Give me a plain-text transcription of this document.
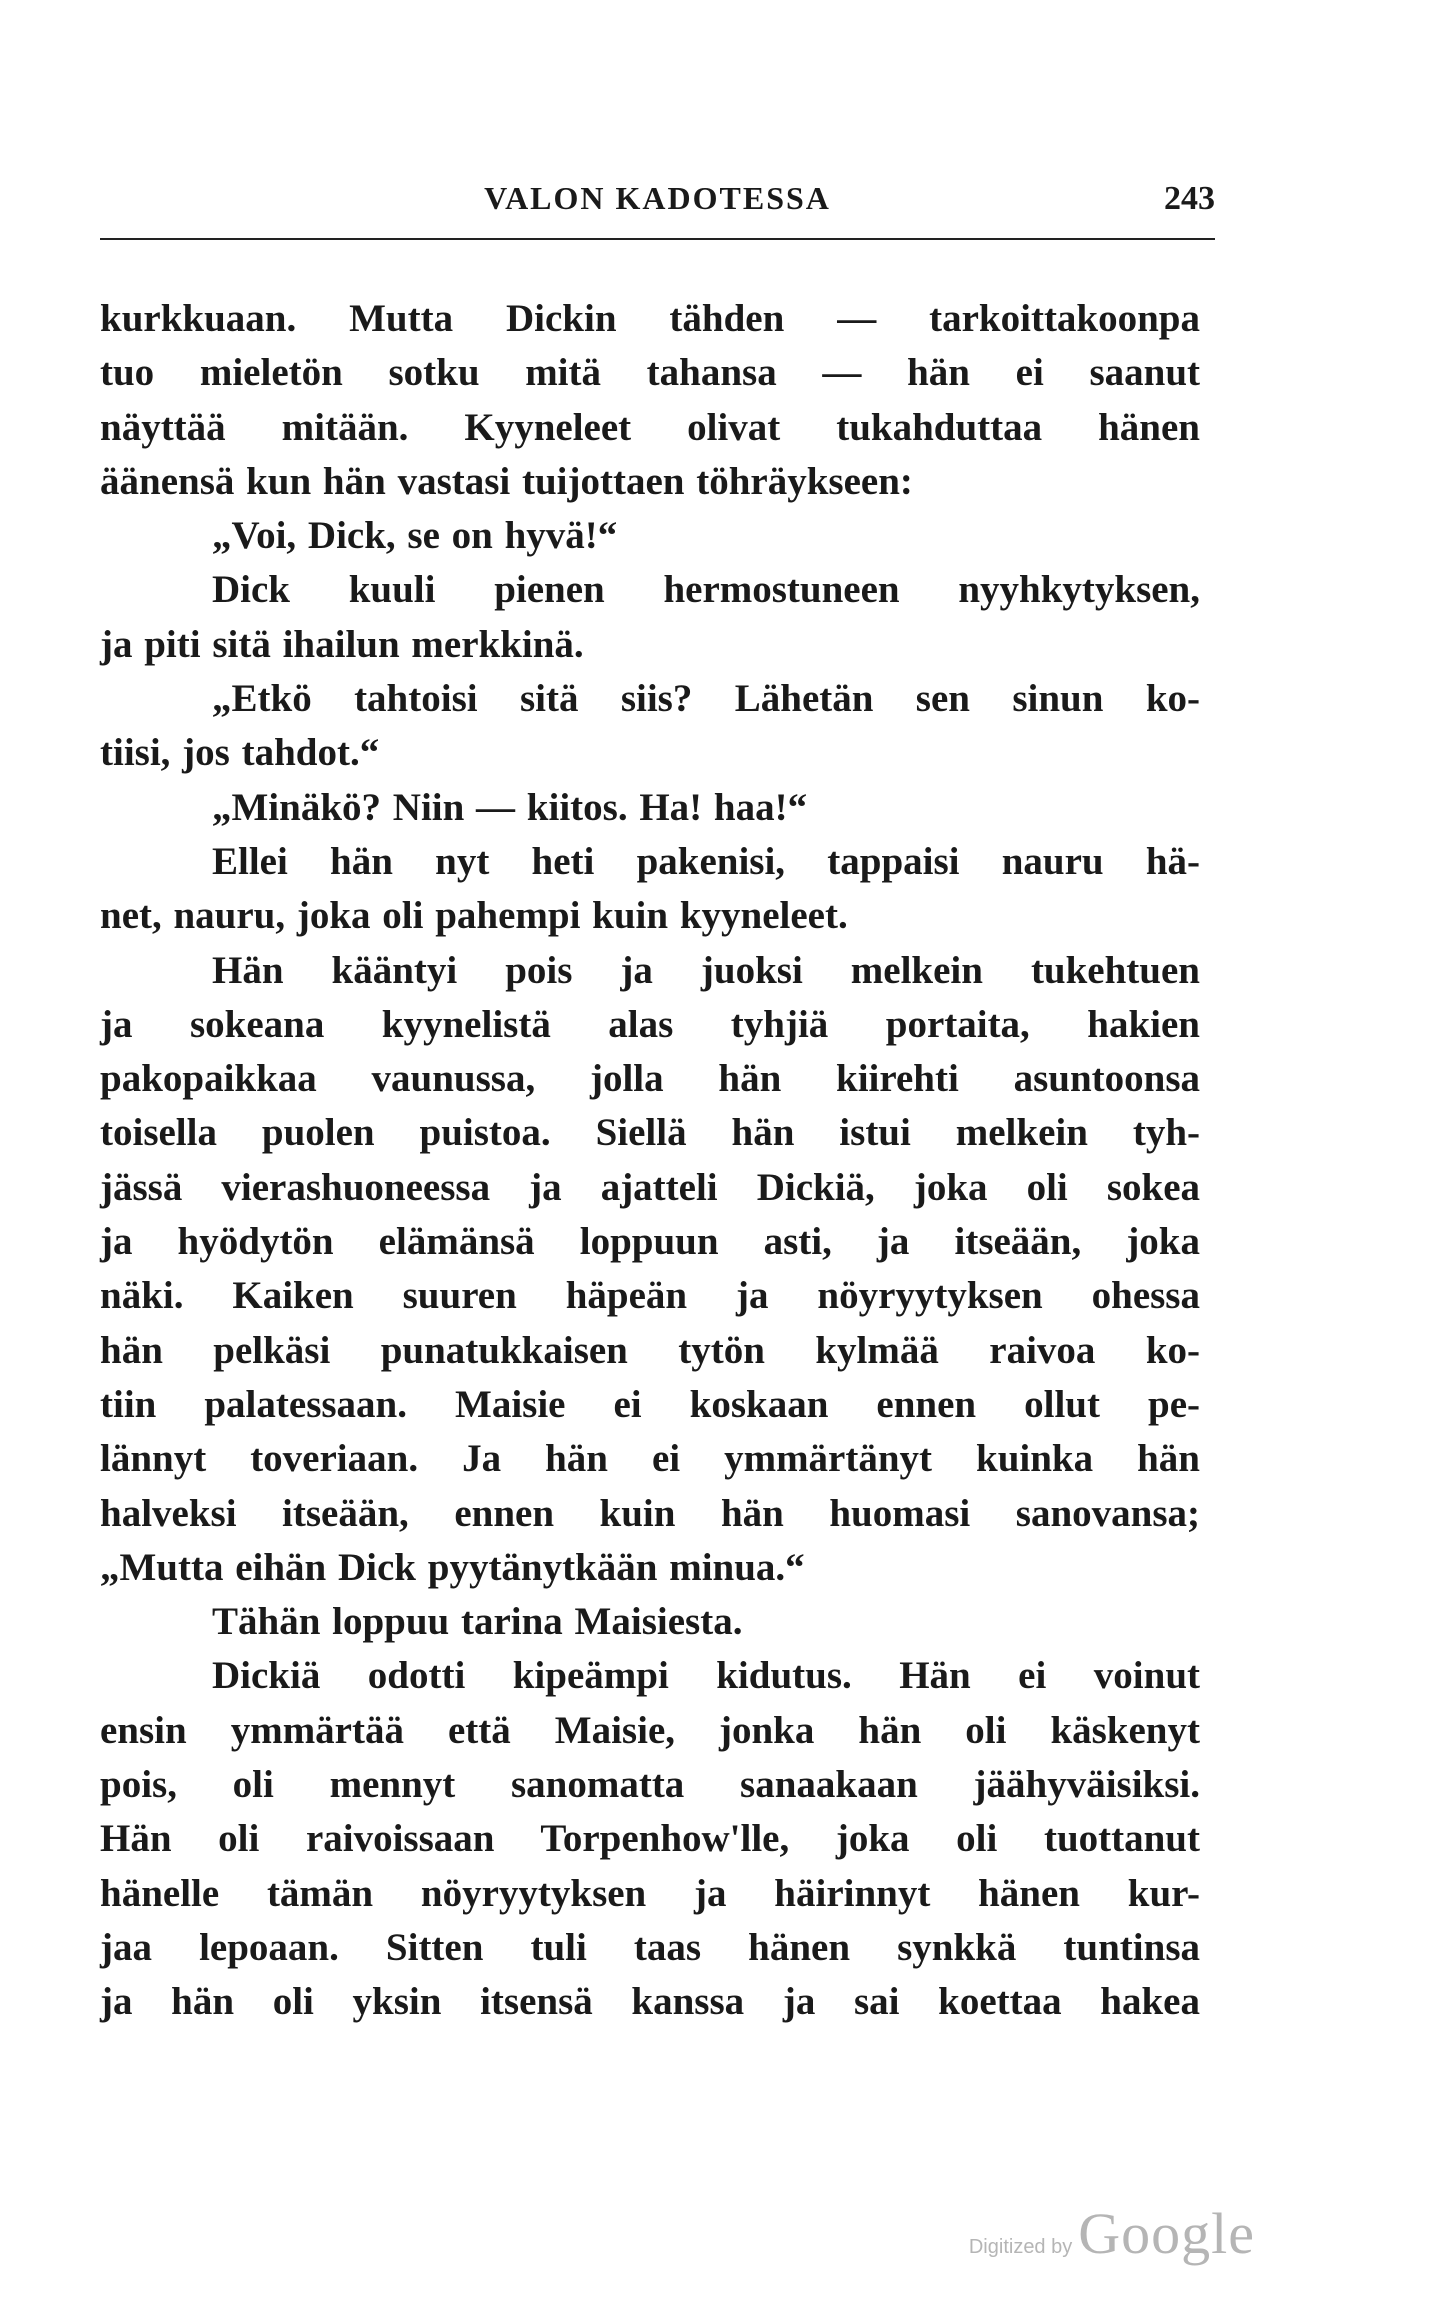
VALON KADOTESSA	243
kurkkuaan. Mutta Dickin tähden — tarkoittakoonpa
tuo mieletön sotku mitä tahansa — hän ei saanut
näyttää mitään. Kyyneleet olivat tukahduttaa hänen
äänensä kun hän vastasi tuijottaen töhräykseen:
„Voi, Dick, se on hyvä!“
Dick kuuli pienen hermostuneen nyyhkytyksen,
ja piti sitä ihailun merkkinä.
„Etkö tahtoisi sitä siis? Lähetän sen sinun ko-
tiisi, jos tahdot.“
„Minäkö? Niin — kiitos. Ha! haa!“
Ellei hän nyt heti pakenisi, tappaisi nauru hä-
net, nauru, joka oli pahempi kuin kyyneleet.
Hän kääntyi pois ja juoksi melkein tukehtuen
ja sokeana kyynelistä alas tyhjiä portaita, hakien
pakopaikkaa vaunussa, jolla hän kiirehti asuntoonsa
toisella puolen puistoa. Siellä hän istui melkein tyh-
jässä vierashuoneessa ja ajatteli Dickiä, joka oli sokea
ja hyödytön elämänsä loppuun asti, ja itseään, joka
näki. Kaiken suuren häpeän ja nöyryytyksen ohessa
hän pelkäsi punatukkaisen tytön kylmää raivoa ko-
tiin palatessaan. Maisie ei koskaan ennen ollut pe-
lännyt toveriaan. Ja hän ei ymmärtänyt kuinka hän
halveksi itseään, ennen kuin hän huomasi sanovansa;
„Mutta eihän Dick pyytänytkään minua.“
Tähän loppuu tarina Maisiesta.
Dickiä odotti kipeämpi kidutus. Hän ei voinut
ensin ymmärtää että Maisie, jonka hän oli käskenyt
pois, oli mennyt sanomatta sanaakaan jäähyväisiksi.
Hän oli raivoissaan Torpenhow'lle, joka oli tuottanut
hänelle tämän nöyryytyksen ja häirinnyt hänen kur-
jaa lepoaan. Sitten tuli taas hänen synkkä tuntinsa
ja hän oli yksin itsensä kanssa ja sai koettaa hakea
Digitized by Google
